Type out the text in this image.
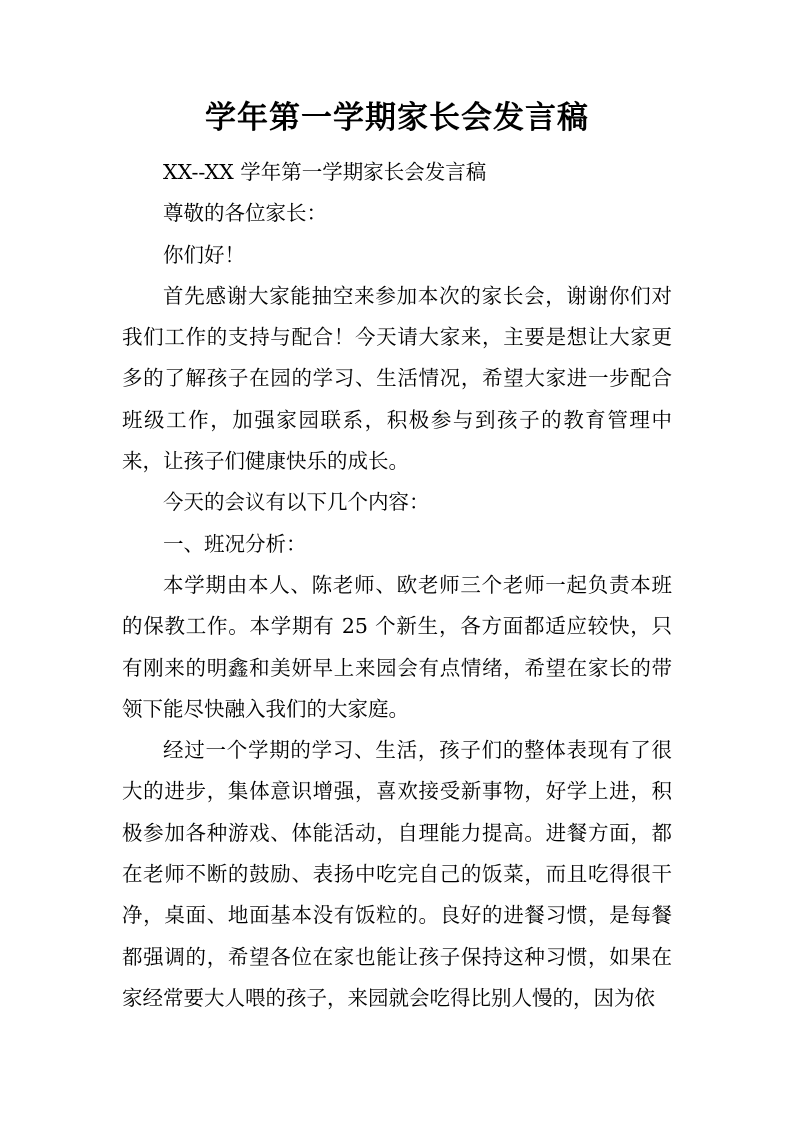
学年第一学期家长会发言稿

XX--XX 学年第一学期家长会发言稿

尊敬的各位家长：

你们好！

首先感谢大家能抽空来参加本次的家长会，谢谢你们对我们工作的支持与配合！今天请大家来，主要是想让大家更多的了解孩子在园的学习、生活情况，希望大家进一步配合班级工作，加强家园联系，积极参与到孩子的教育管理中来，让孩子们健康快乐的成长。

今天的会议有以下几个内容：

一、班况分析：

本学期由本人、陈老师、欧老师三个老师一起负责本班的保教工作。本学期有 25 个新生，各方面都适应较快，只有刚来的明鑫和美妍早上来园会有点情绪，希望在家长的带领下能尽快融入我们的大家庭。

经过一个学期的学习、生活，孩子们的整体表现有了很大的进步，集体意识增强，喜欢接受新事物，好学上进，积极参加各种游戏、体能活动，自理能力提高。进餐方面，都在老师不断的鼓励、表扬中吃完自己的饭菜，而且吃得很干净，桌面、地面基本没有饭粒的。良好的进餐习惯，是每餐都强调的，希望各位在家也能让孩子保持这种习惯，如果在家经常要大人喂的孩子，来园就会吃得比别人慢的，因为依
